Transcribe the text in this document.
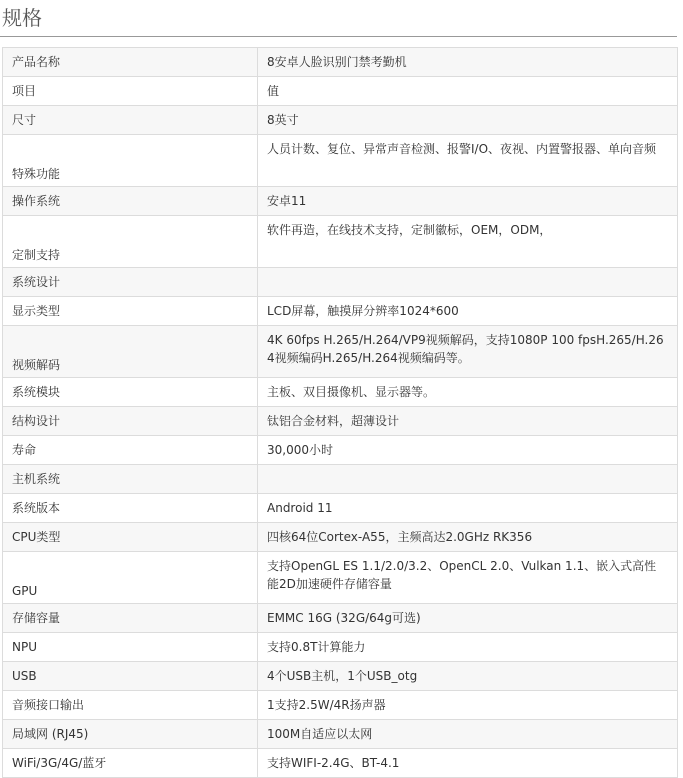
规格
产品名称	8安卓人脸识别门禁考勤机
项目	值
尺寸	8英寸
特殊功能	人员计数、复位、异常声音检测、报警I/O、夜视、内置警报器、单向音频
操作系统	安卓11
定制支持	软件再造，在线技术支持，定制徽标，OEM，ODM，
系统设计	
显示类型	LCD屏幕，触摸屏分辨率1024*600
视频解码	4K 60fps H.265/H.264/VP9视频解码，支持1080P 100 fpsH.265/H.264视频编码H.265/H.264视频编码等。
系统模块	主板、双目摄像机、显示器等。
结构设计	钛铝合金材料，超薄设计
寿命	30,000小时
主机系统	
系统版本	Android 11
CPU类型	四核64位Cortex-A55，主频高达2.0GHz RK356
GPU	支持OpenGL ES 1.1/2.0/3.2、OpenCL 2.0、Vulkan 1.1、嵌入式高性能2D加速硬件存储容量
存储容量	EMMC 16G (32G/64g可选)
NPU	支持0.8T计算能力
USB	4个USB主机，1个USB_otg
音频接口输出	1支持2.5W/4R扬声器
局域网 (RJ45)	100M自适应以太网
WiFi/3G/4G/蓝牙	支持WIFI-2.4G、BT-4.1
